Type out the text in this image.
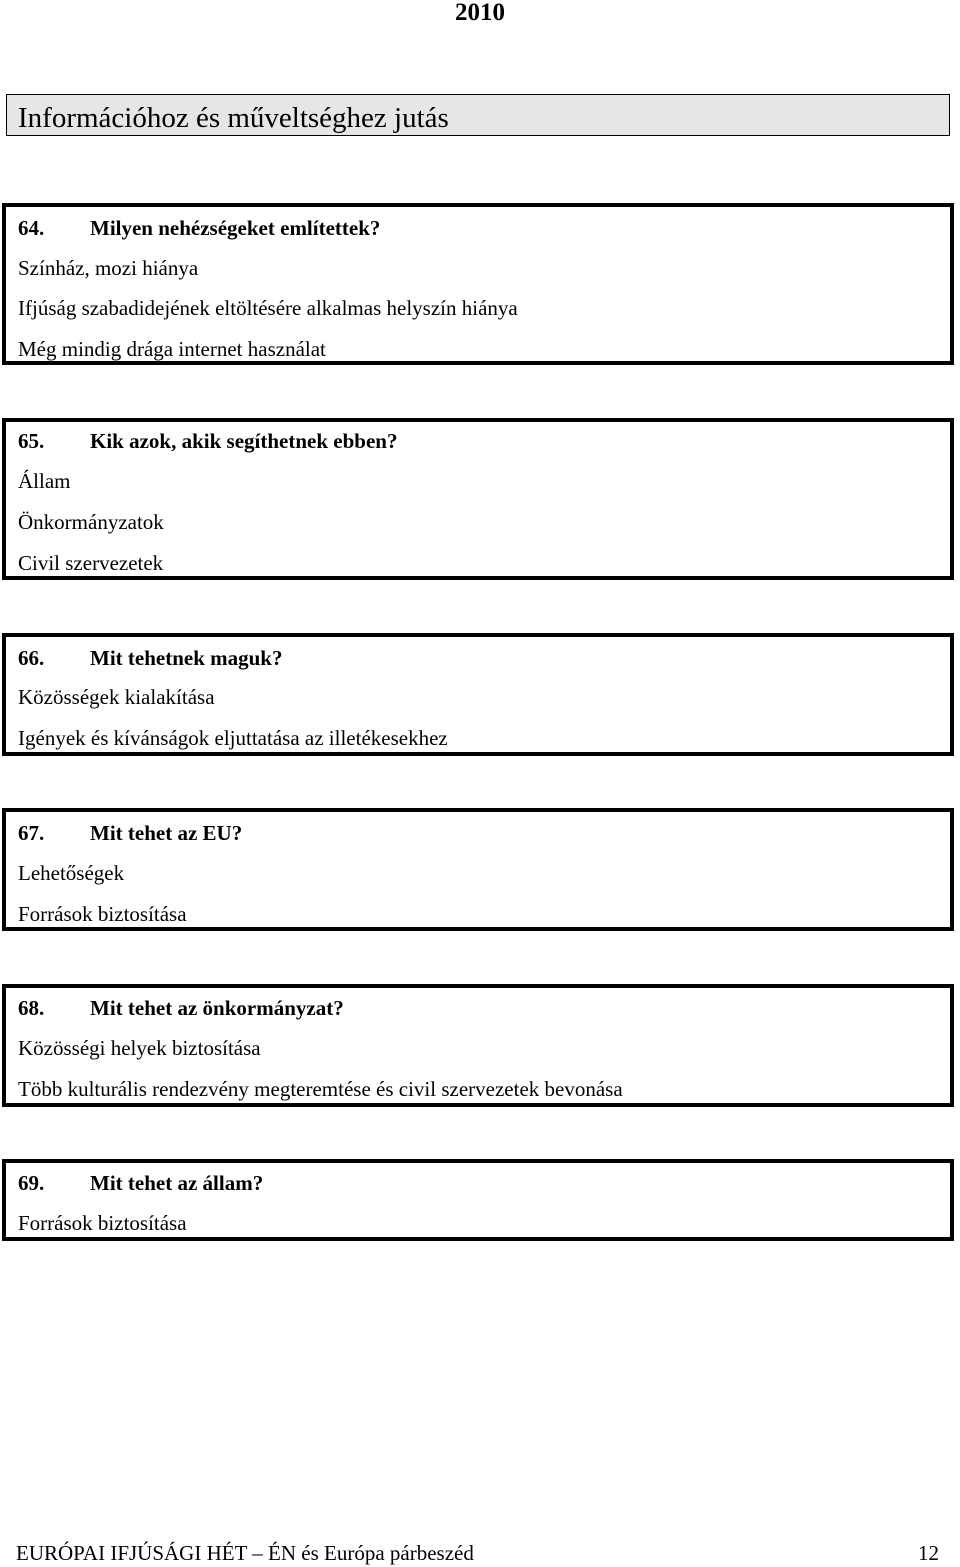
2010
Információhoz és műveltséghez jutás
64. Milyen nehézségeket említettek?
Színház, mozi hiánya
Ifjúság szabadidejének eltöltésére alkalmas helyszín hiánya
Még mindig drága internet használat
65. Kik azok, akik segíthetnek ebben?
Állam
Önkormányzatok
Civil szervezetek
66. Mit tehetnek maguk?
Közösségek kialakítása
Igények és kívánságok eljuttatása az illetékesekhez
67. Mit tehet az EU?
Lehetőségek
Források biztosítása
68. Mit tehet az önkormányzat?
Közösségi helyek biztosítása
Több kulturális rendezvény megteremtése és civil szervezetek bevonása
69. Mit tehet az állam?
Források biztosítása
EURÓPAI IFJÚSÁGI HÉT – ÉN és Európa párbeszéd	12
